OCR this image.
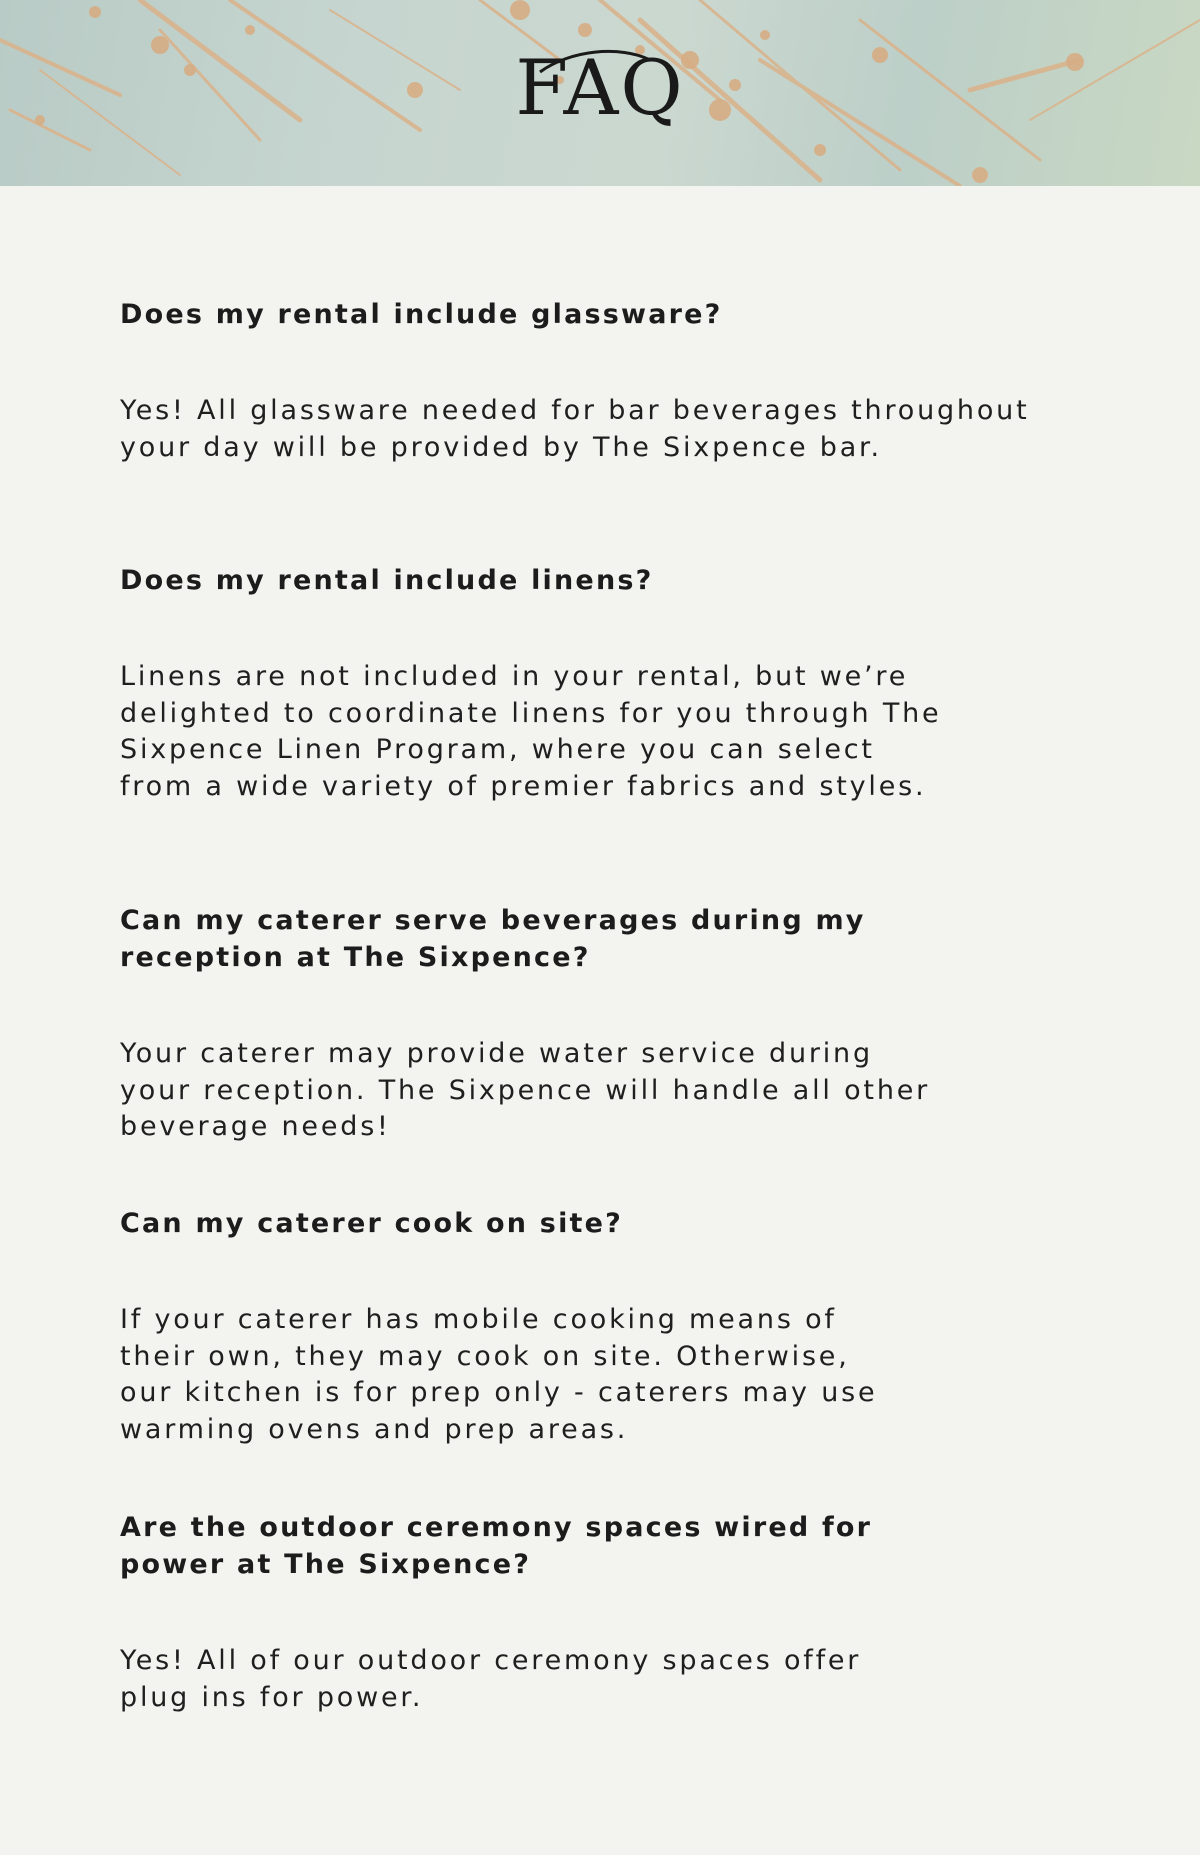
FAQ

Does my rental include glassware?

Yes! All glassware needed for bar beverages throughout

your day will be provided by The Sixpence bar.

Does my rental include linens?

Linens are not included in your rental, but we’re

delighted to coordinate linens for you through The

Sixpence Linen Program, where you can select

from a wide variety of premier fabrics and styles.

Can my caterer serve beverages during my

reception at The Sixpence?

Your caterer may provide water service during

your reception. The Sixpence will handle all other

beverage needs!

Can my caterer cook on site?

If your caterer has mobile cooking means of

their own, they may cook on site. Otherwise,

our kitchen is for prep only - caterers may use

warming ovens and prep areas.

Are the outdoor ceremony spaces wired for

power at The Sixpence?

Yes! All of our outdoor ceremony spaces offer

plug ins for power.
